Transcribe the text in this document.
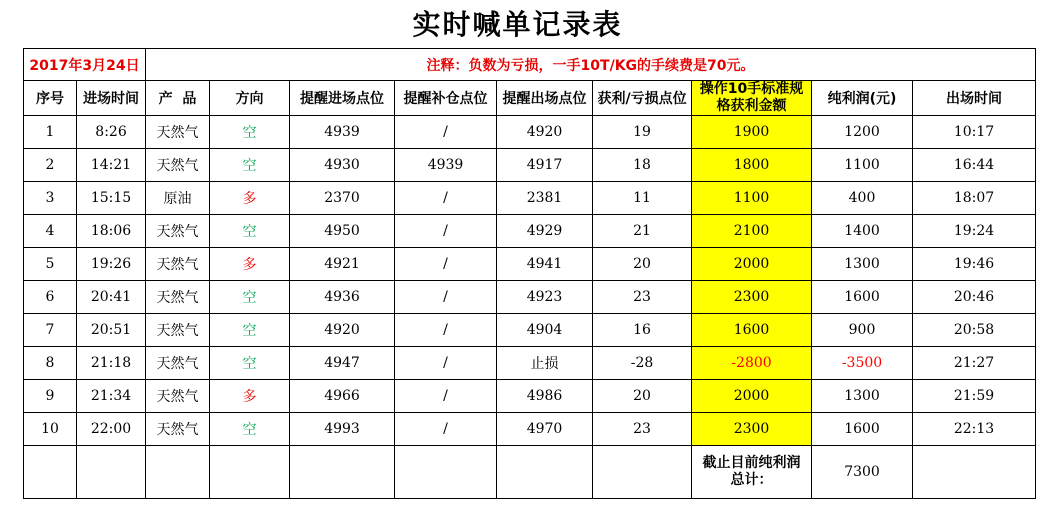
实时喊单记录表
2017年3月24日		注释：负数为亏损，一手10T/KG的手续费是70元。								
序号	进场时间	产  品	方向	提醒进场点位	提醒补仓点位	提醒出场点位	获利/亏损点位	操作10手标准规
格获利金额	纯利润(元)	出场时间
1	8:26	天然气	空	4939	/	4920	19	1900	1200	10:17
2	14:21	天然气	空	4930	4939	4917	18	1800	1100	16:44
3	15:15	原油	多	2370	/	2381	11	1100	400	18:07
4	18:06	天然气	空	4950	/	4929	21	2100	1400	19:24
5	19:26	天然气	多	4921	/	4941	20	2000	1300	19:46
6	20:41	天然气	空	4936	/	4923	23	2300	1600	20:46
7	20:51	天然气	空	4920	/	4904	16	1600	900	20:58
8	21:18	天然气	空	4947	/	止损	-28	-2800	-3500	21:27
9	21:34	天然气	多	4966	/	4986	20	2000	1300	21:59
10	22:00	天然气	空	4993	/	4970	23	2300	1600	22:13

								截止目前纯利润
总计：	7300	
